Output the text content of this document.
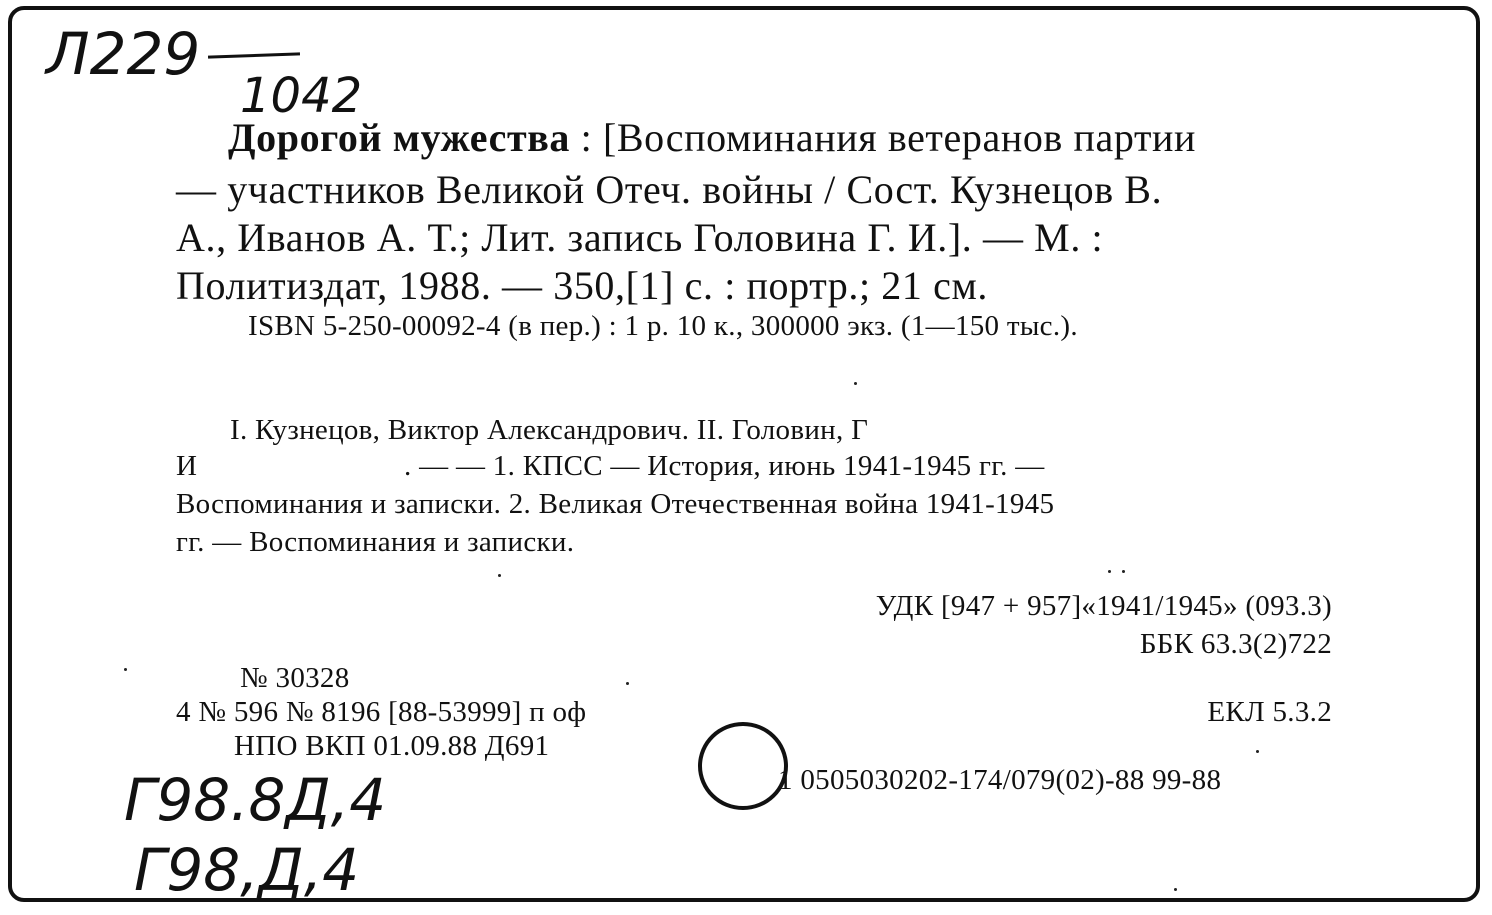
Л229
1042
Дорогой мужества : [Воспоминания ветеранов партии
— участников Великой Отеч. войны / Сост. Кузнецов В.
А., Иванов А. Т.; Лит. запись Головина Г. И.]. — М. :
Политиздат, 1988. — 350,[1] с. : портр.; 21 см.
ISBN 5-250-00092-4 (в пер.) : 1 р. 10 к., 300000 экз. (1—150 тыс.).
I. Кузнецов, Виктор Александрович. II. Головин, Г
И	. — — 1. КПСС — История, июнь 1941-1945 гг. —
Воспоминания и записки. 2. Великая Отечественная война 1941-1945
гг. — Воспоминания и записки.
УДК [947 + 957]«1941/1945» (093.3)
ББК 63.3(2)722
ЕКЛ 5.3.2
№ 30328
4 № 596 № 8196 [88-53999] п оф
НПО ВКП 01.09.88 Д691
1 0505030202-174/079(02)-88 99-88
Г98.8Д,4
Г98,Д,4
